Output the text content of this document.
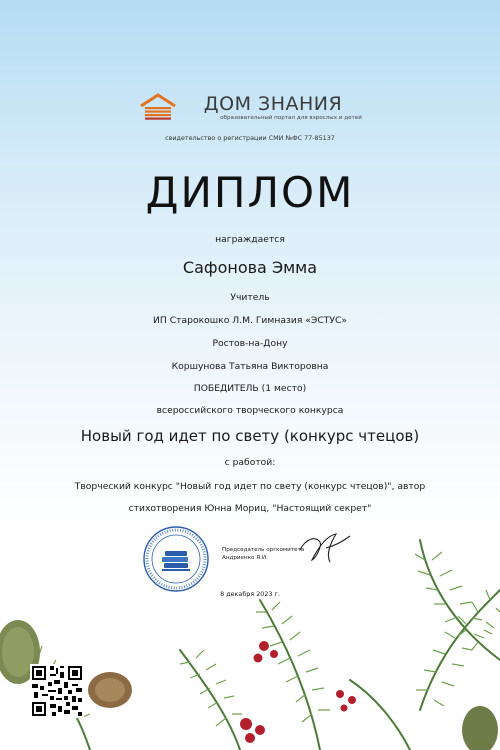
ДОМ ЗНАНИЯ
образовательный портал для взрослых и детей
свидетельство о регистрации СМИ №ФС 77-85137
ДИПЛОМ
награждается
Сафонова Эмма
Учитель
ИП Старокошко Л.М. Гимназия «ЭСТУС»
Ростов-на-Дону
Коршунова Татьяна Викторовна
ПОБЕДИТЕЛЬ (1 место)
всероссийского творческого конкурса
Новый год идет по свету (конкурс чтецов)
с работой:
Творческий конкурс "Новый год идет по свету (конкурс чтецов)", автор
стихотворения Юнна Мориц, "Настоящий секрет"
Председатель оргкомитета
Андриенко Я.И.
8 декабря 2023 г.
